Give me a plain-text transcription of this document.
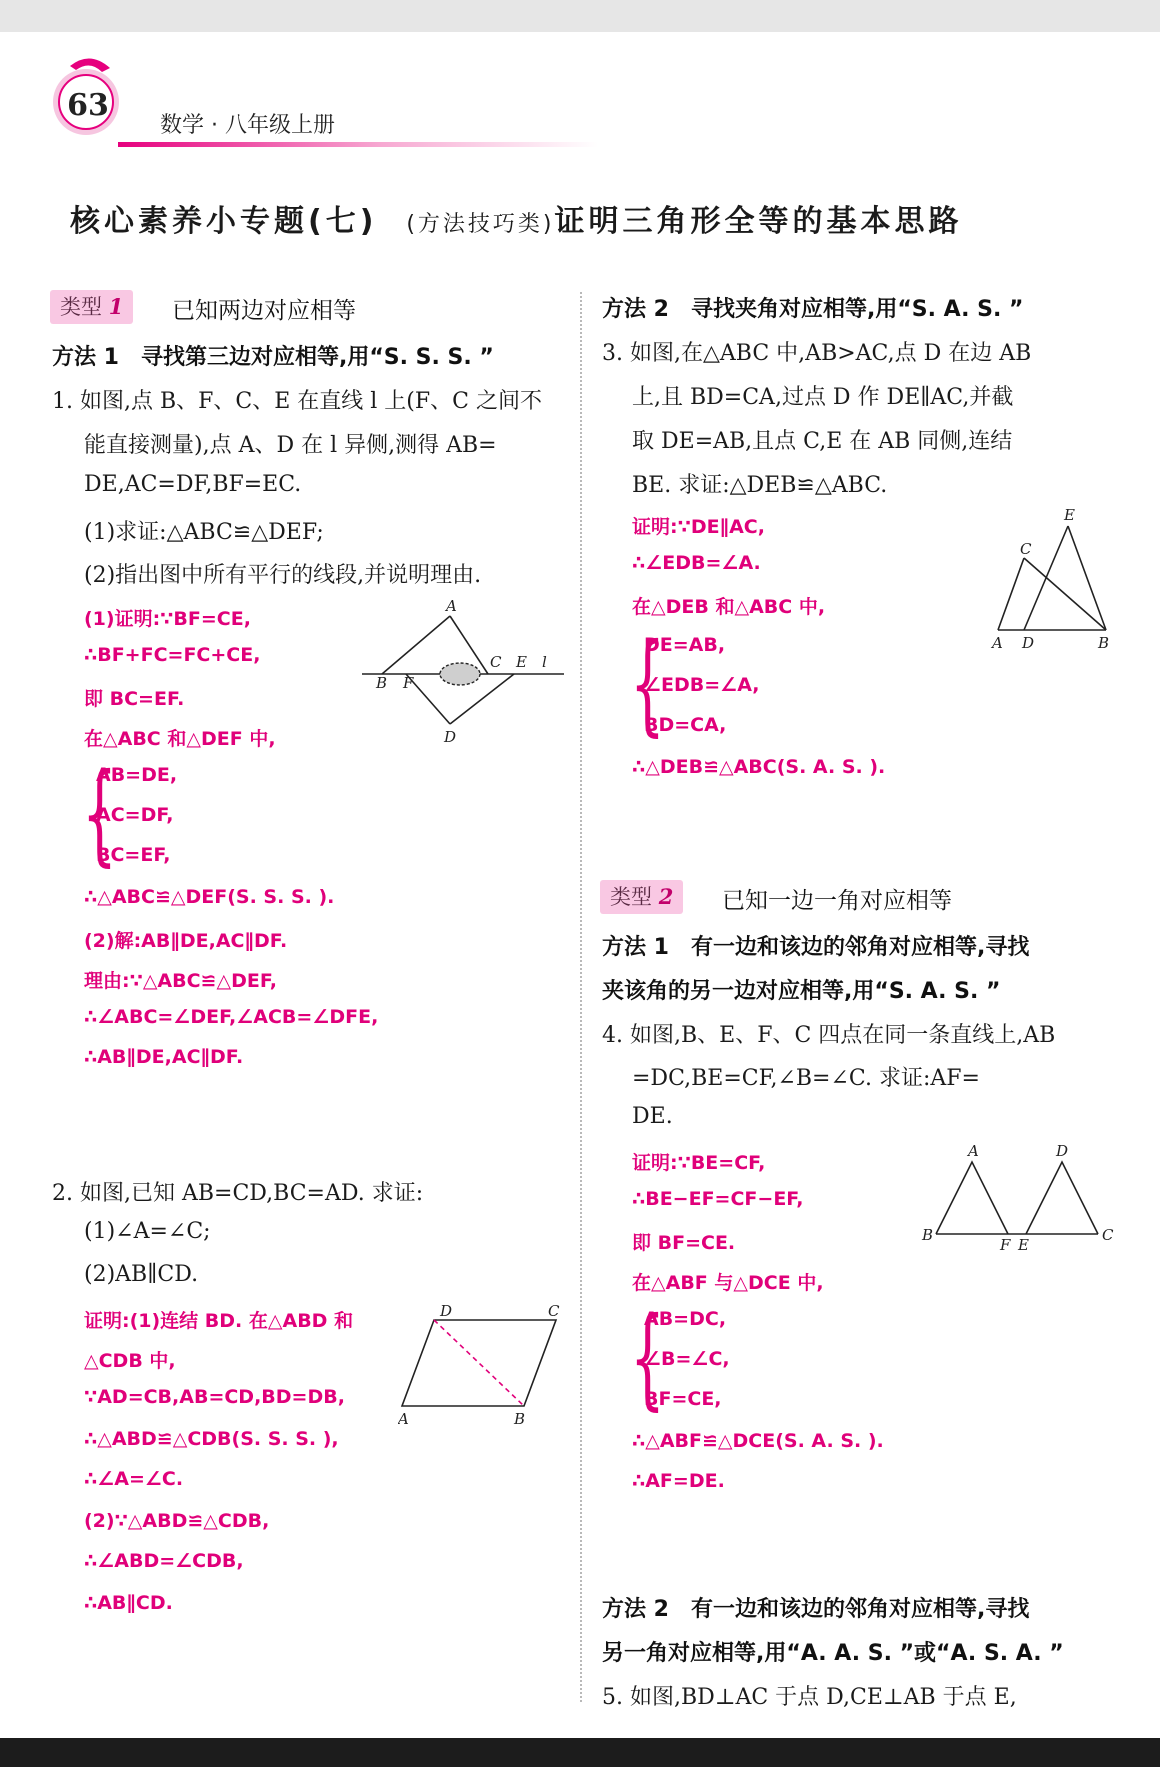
63
数学 · 八年级上册
核心素养小专题(七) (方法技巧类)证明三角形全等的基本思路
类型 1	已知两边对应相等
方法 1　寻找第三边对应相等,用“S. S. S. ”
1. 如图,点 B、F、C、E 在直线 l 上(F、C 之间不
能直接测量),点 A、D 在 l 异侧,测得 AB=
DE,AC=DF,BF=EC.
(1)求证:△ABC≌△DEF;
(2)指出图中所有平行的线段,并说明理由.
(1)证明:∵BF=CE,
∴BF+FC=FC+CE,
即 BC=EF.
在△ABC 和△DEF 中,
{
AB=DE,
AC=DF,
BC=EF,
∴△ABC≌△DEF(S. S. S. ).
(2)解:AB∥DE,AC∥DF.
理由:∵△ABC≌△DEF,
∴∠ABC=∠DEF,∠ACB=∠DFE,
∴AB∥DE,AC∥DF.
A
B F
C E l
D
2. 如图,已知 AB=CD,BC=AD. 求证:
(1)∠A=∠C;
(2)AB∥CD.
证明:(1)连结 BD. 在△ABD 和
△CDB 中,
∵AD=CB,AB=CD,BD=DB,
∴△ABD≌△CDB(S. S. S. ),
∴∠A=∠C.
(2)∵△ABD≌△CDB,
∴∠ABD=∠CDB,
∴AB∥CD.
D	C
A	B
方法 2　寻找夹角对应相等,用“S. A. S. ”
3. 如图,在△ABC 中,AB>AC,点 D 在边 AB
上,且 BD=CA,过点 D 作 DE∥AC,并截
取 DE=AB,且点 C,E 在 AB 同侧,连结
BE. 求证:△DEB≌△ABC.
证明:∵DE∥AC,
∴∠EDB=∠A.
在△DEB 和△ABC 中,
{
DE=AB,
∠EDB=∠A,
BD=CA,
∴△DEB≌△ABC(S. A. S. ).
E
C
A D	B
类型 2	已知一边一角对应相等
方法 1　有一边和该边的邻角对应相等,寻找
夹该角的另一边对应相等,用“S. A. S. ”
4. 如图,B、E、F、C 四点在同一条直线上,AB
=DC,BE=CF,∠B=∠C. 求证:AF=
DE.
证明:∵BE=CF,
∴BE−EF=CF−EF,
即 BF=CE.
在△ABF 与△DCE 中,
{
AB=DC,
∠B=∠C,
BF=CE,
∴△ABF≌△DCE(S. A. S. ).
∴AF=DE.
A	D
B
F E
C
方法 2　有一边和该边的邻角对应相等,寻找
另一角对应相等,用“A. A. S. ”或“A. S. A. ”
5. 如图,BD⊥AC 于点 D,CE⊥AB 于点 E,
